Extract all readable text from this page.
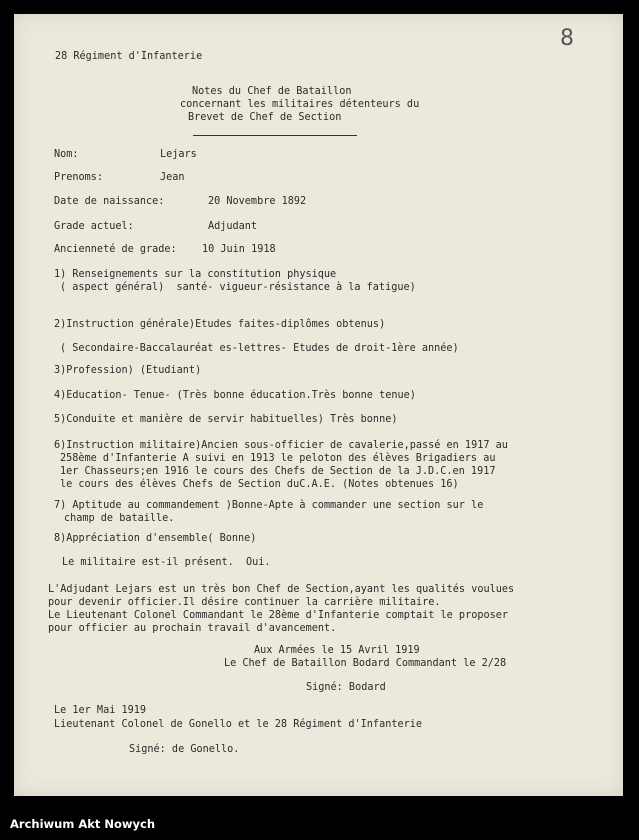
8
28 Régiment d'Infanterie
Notes du Chef de Bataillon
concernant les militaires détenteurs du
Brevet de Chef de Section
Nom:	Lejars
Prenoms:	Jean
Date de naissance:	20 Novembre 1892
Grade actuel:	Adjudant
Ancienneté de grade: 10 Juin 1918
1) Renseignements sur la constitution physique
( aspect général)  santé- vigueur-résistance à la fatigue)
2)Instruction générale)Etudes faites-diplômes obtenus)
( Secondaire-Baccalauréat es-lettres- Etudes de droit-1ère année)
3)Profession) (Etudiant)
4)Education- Tenue- (Très bonne éducation.Très bonne tenue)
5)Conduite et manière de servir habituelles) Très bonne)
6)Instruction militaire)Ancien sous-officier de cavalerie,passé en 1917 au
258ème d'Infanterie A suivi en 1913 le peloton des élèves Brigadiers au
1er Chasseurs;en 1916 le cours des Chefs de Section de la J.D.C.en 1917
le cours des élèves Chefs de Section duC.A.E. (Notes obtenues 16)
7) Aptitude au commandement )Bonne-Apte à commander une section sur le
champ de bataille.
8)Appréciation d'ensemble( Bonne)
Le militaire est-il présent.  Oui.
L'Adjudant Lejars est un très bon Chef de Section,ayant les qualités voulues
pour devenir officier.Il désire continuer la carrière militaire.
Le Lieutenant Colonel Commandant le 28ème d'Infanterie comptait le proposer
pour officier au prochain travail d'avancement.
Aux Armées le 15 Avril 1919
Le Chef de Bataillon Bodard Commandant le 2/28
Signé: Bodard
Le 1er Mai 1919
Lieutenant Colonel de Gonello et le 28 Régiment d'Infanterie
Signé: de Gonello.
Archiwum Akt Nowych
